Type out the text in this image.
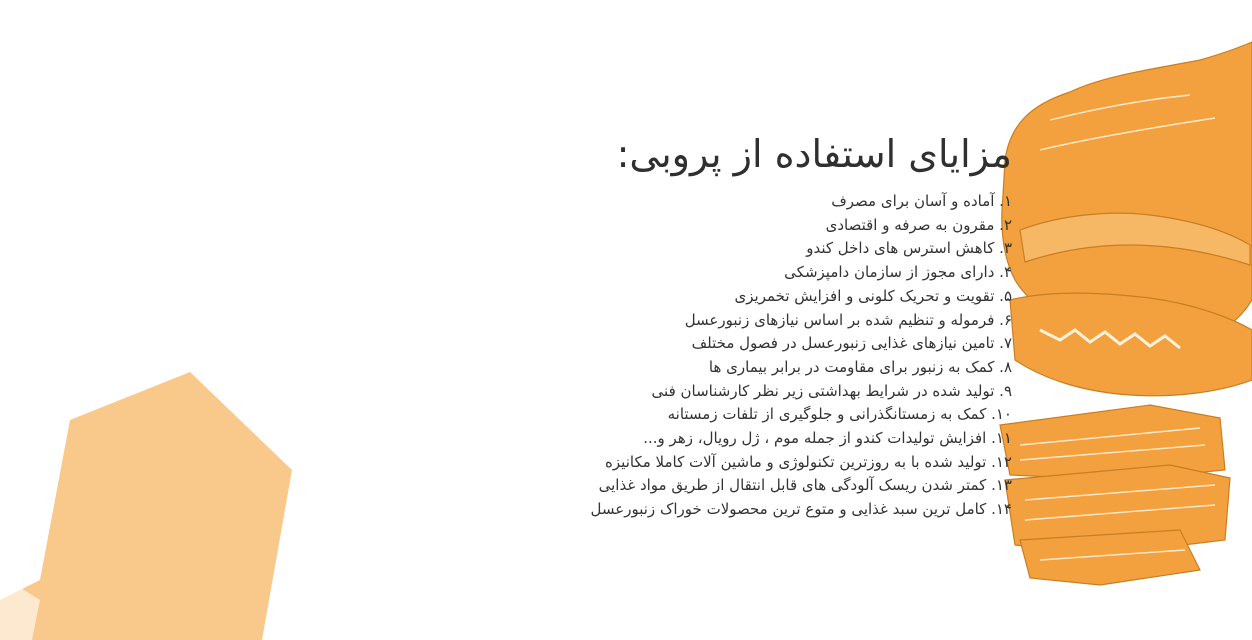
مزایای استفاده از پروبی:
۱. آماده و آسان برای مصرف
۲. مقرون به صرفه و اقتصادی
۳. کاهش استرس های داخل کندو
۴. دارای مجوز از سازمان دامپزشکی
۵. تقویت و تحریک کلونی و افزایش تخمریزی
۶. فرموله و تنظیم شده بر اساس نیازهای زنبورعسل
۷. تامین نیازهای غذایی زنبورعسل در فصول مختلف
۸. کمک به زنبور برای مقاومت در برابر بیماری ها
۹. تولید شده در شرایط بهداشتی زیر نظر کارشناسان فنی
۱۰. کمک به زمستانگذرانی و جلوگیری از تلفات زمستانه
۱۱. افزایش تولیدات کندو از جمله موم ، ژل رویال، زهر و...
۱۲. تولید شده با به روزترین تکنولوژی و ماشین آلات کاملا مکانیزه
۱۳. کمتر شدن ریسک آلودگی های قابل انتقال از طریق مواد غذایی
۱۴. کامل ترین سبد غذایی و متوع ترین محصولات خوراک زنبورعسل
